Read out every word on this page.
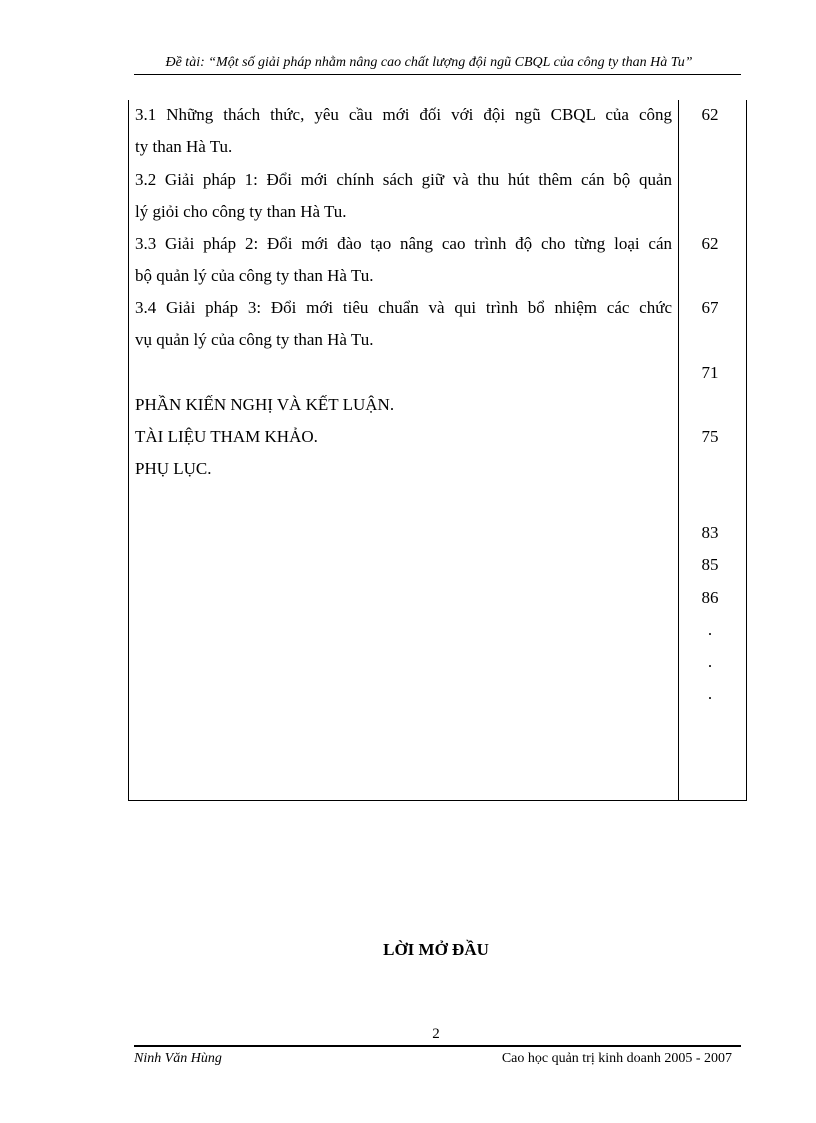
Đề tài: “Một số giải pháp nhằm nâng cao chất lượng đội ngũ CBQL của công ty than Hà Tu”
3.1 Những thách thức, yêu cầu mới đối với đội ngũ CBQL của công
ty than Hà Tu.
3.2 Giải pháp 1: Đổi mới chính sách giữ và thu hút thêm cán bộ quản
lý giỏi cho công ty than Hà Tu.
3.3 Giải pháp 2: Đổi mới đào tạo nâng cao trình độ cho từng loại cán
bộ quản lý của công ty than Hà Tu.
3.4 Giải pháp 3: Đổi mới tiêu chuẩn và qui trình bổ nhiệm các chức
vụ quản lý của công ty than Hà Tu.
PHẦN KIẾN NGHỊ VÀ KẾT LUẬN.
TÀI LIỆU THAM KHẢO.
PHỤ LỤC.
62
62
67
71
75
83
85
86
.
.
.
LỜI MỞ ĐẦU
2
Ninh Văn Hùng	Cao học quản trị kinh doanh 2005 - 2007
